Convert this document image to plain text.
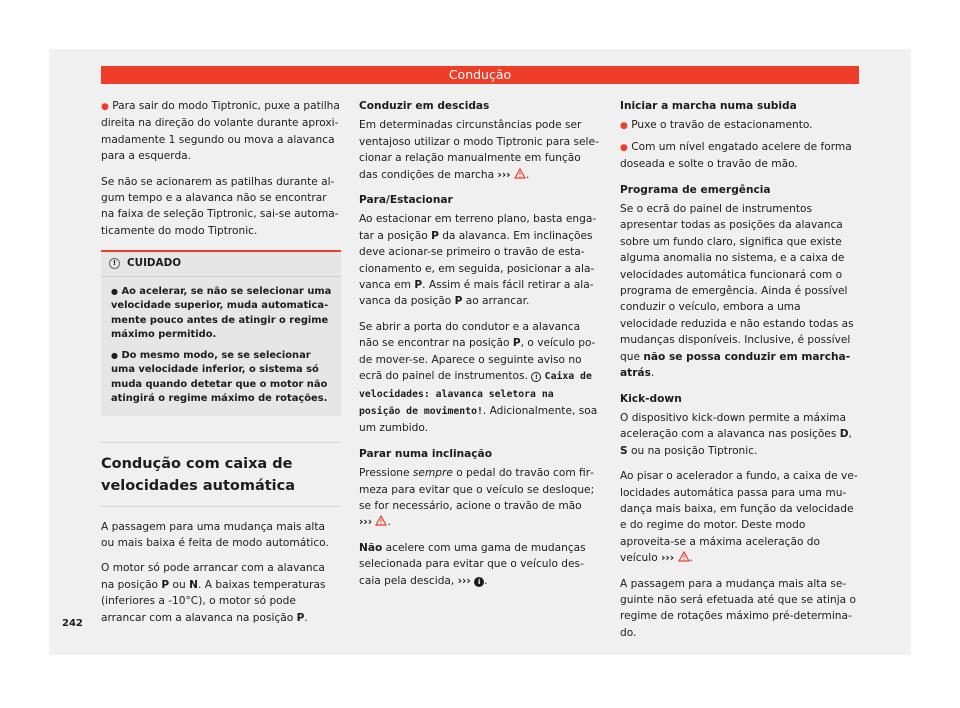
Condução

● Para sair do modo Tiptronic, puxe a patilha direita na direção do volante durante aproximadamente 1 segundo ou mova a alavanca para a esquerda.

Se não se acionarem as patilhas durante algum tempo e a alavanca não se encontrar na faixa de seleção Tiptronic, sai-se automaticamente do modo Tiptronic.

! CUIDADO
● Ao acelerar, se não se selecionar uma velocidade superior, muda automaticamente pouco antes de atingir o regime máximo permitido.
● Do mesmo modo, se se selecionar uma velocidade inferior, o sistema só muda quando detetar que o motor não atingirá o regime máximo de rotações.
Condução com caixa de velocidades automática

A passagem para uma mudança mais alta ou mais baixa é feita de modo automático.

O motor só pode arrancar com a alavanca na posição P ou N. A baixas temperaturas (inferiores a -10°C), o motor só pode arrancar com a alavanca na posição P.

Conduzir em descidas

Em determinadas circunstâncias pode ser ventajoso utilizar o modo Tiptronic para selecionar a relação manualmente em função das condições de marcha ››› .

Para/Estacionar

Ao estacionar em terreno plano, basta engatar a posição P da alavanca. Em inclinações deve acionar-se primeiro o travão de estacionamento e, em seguida, posicionar a alavanca em P. Assim é mais fácil retirar a alavanca da posição P ao arrancar.

Se abrir a porta do condutor e a alavanca não se encontrar na posição P, o veículo pode mover-se. Aparece o seguinte aviso no ecrã do painel de instrumentos. ! Caixa de velocidades: alavanca seletora na posição de movimento!. Adicionalmente, soa um zumbido.

Parar numa inclinação

Pressione sempre o pedal do travão com firmeza para evitar que o veículo se desloque; se for necessário, acione o travão de mão
››› .

Não acelere com uma gama de mudanças selecionada para evitar que o veículo descaia pela descida, ››› i .

Iniciar a marcha numa subida

● Puxe o travão de estacionamento.

● Com um nível engatado acelere de forma doseada e solte o travão de mão.

Programa de emergência

Se o ecrã do painel de instrumentos apresentar todas as posições da alavanca sobre um fundo claro, significa que existe alguma anomalia no sistema, e a caixa de velocidades automática funcionará com o programa de emergência. Ainda é possível conduzir o veículo, embora a uma velocidade reduzida e não estando todas as mudanças disponíveis. Inclusive, é possível que não se possa conduzir em marcha-atrás.

Kick-down

O dispositivo kick-down permite a máxima aceleração com a alavanca nas posições D,
S ou na posição Tiptronic.

Ao pisar o acelerador a fundo, a caixa de velocidades automática passa para uma mudança mais baixa, em função da velocidade e do regime do motor. Deste modo aproveita-se a máxima aceleração do veículo ››› .

A passagem para a mudança mais alta seguinte não será efetuada até que se atinja o regime de rotações máximo pré-determinado.

242
